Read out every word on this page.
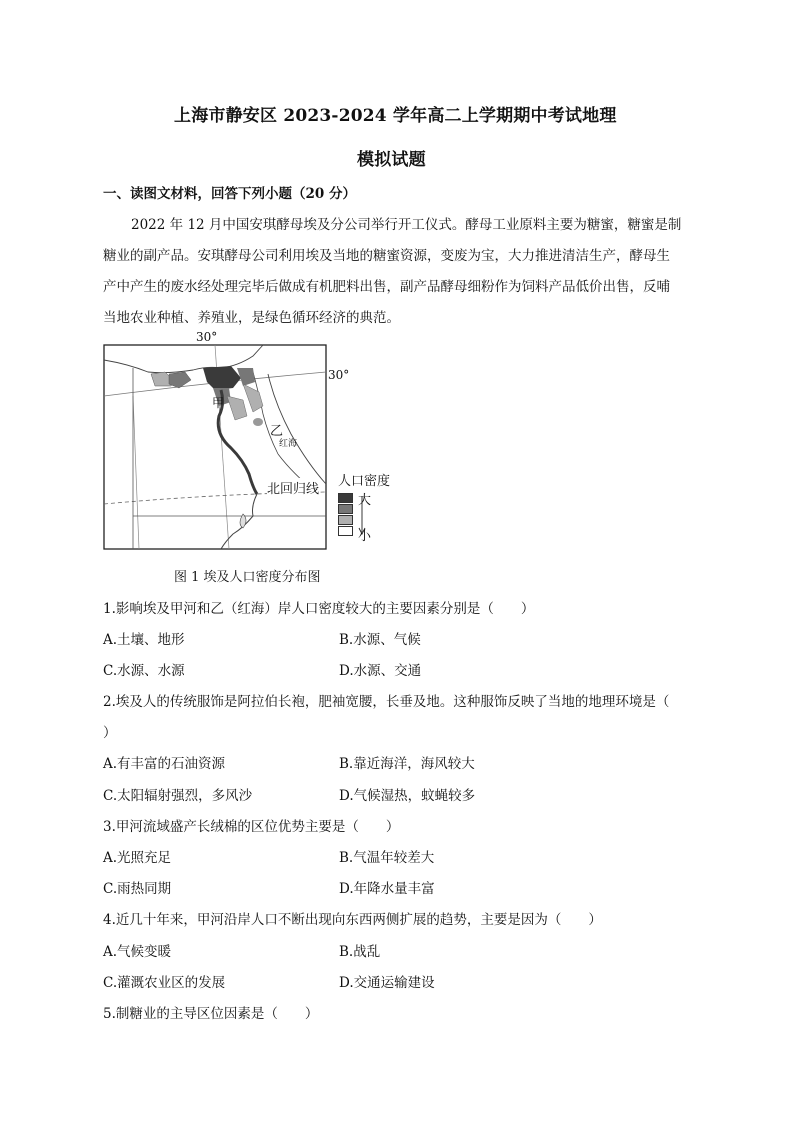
上海市静安区 2023-2024 学年高二上学期期中考试地理
模拟试题
一、读图文材料，回答下列小题（20 分）
2022 年 12 月中国安琪酵母埃及分公司举行开工仪式。酵母工业原料主要为糖蜜，糖蜜是制
糖业的副产品。安琪酵母公司利用埃及当地的糖蜜资源，变废为宝，大力推进清洁生产，酵母生
产中产生的废水经处理完毕后做成有机肥料出售，副产品酵母细粉作为饲料产品低价出售，反哺
当地农业种植、养殖业，是绿色循环经济的典范。
30°
30°
甲
乙
红海
北回归线
人口密度
大
小
图 1 埃及人口密度分布图
1.影响埃及甲河和乙（红海）岸人口密度较大的主要因素分别是（　　）
A.土壤、地形	B.水源、气候
C.水源、水源	D.水源、交通
2.埃及人的传统服饰是阿拉伯长袍，肥袖宽腰，长垂及地。这种服饰反映了当地的地理环境是（
）
A.有丰富的石油资源	B.靠近海洋，海风较大
C.太阳辐射强烈，多风沙	D.气候湿热，蚊蝇较多
3.甲河流域盛产长绒棉的区位优势主要是（　　）
A.光照充足	B.气温年较差大
C.雨热同期	D.年降水量丰富
4.近几十年来，甲河沿岸人口不断出现向东西两侧扩展的趋势，主要是因为（　　）
A.气候变暖	B.战乱
C.灌溉农业区的发展	D.交通运输建设
5.制糖业的主导区位因素是（　　）
